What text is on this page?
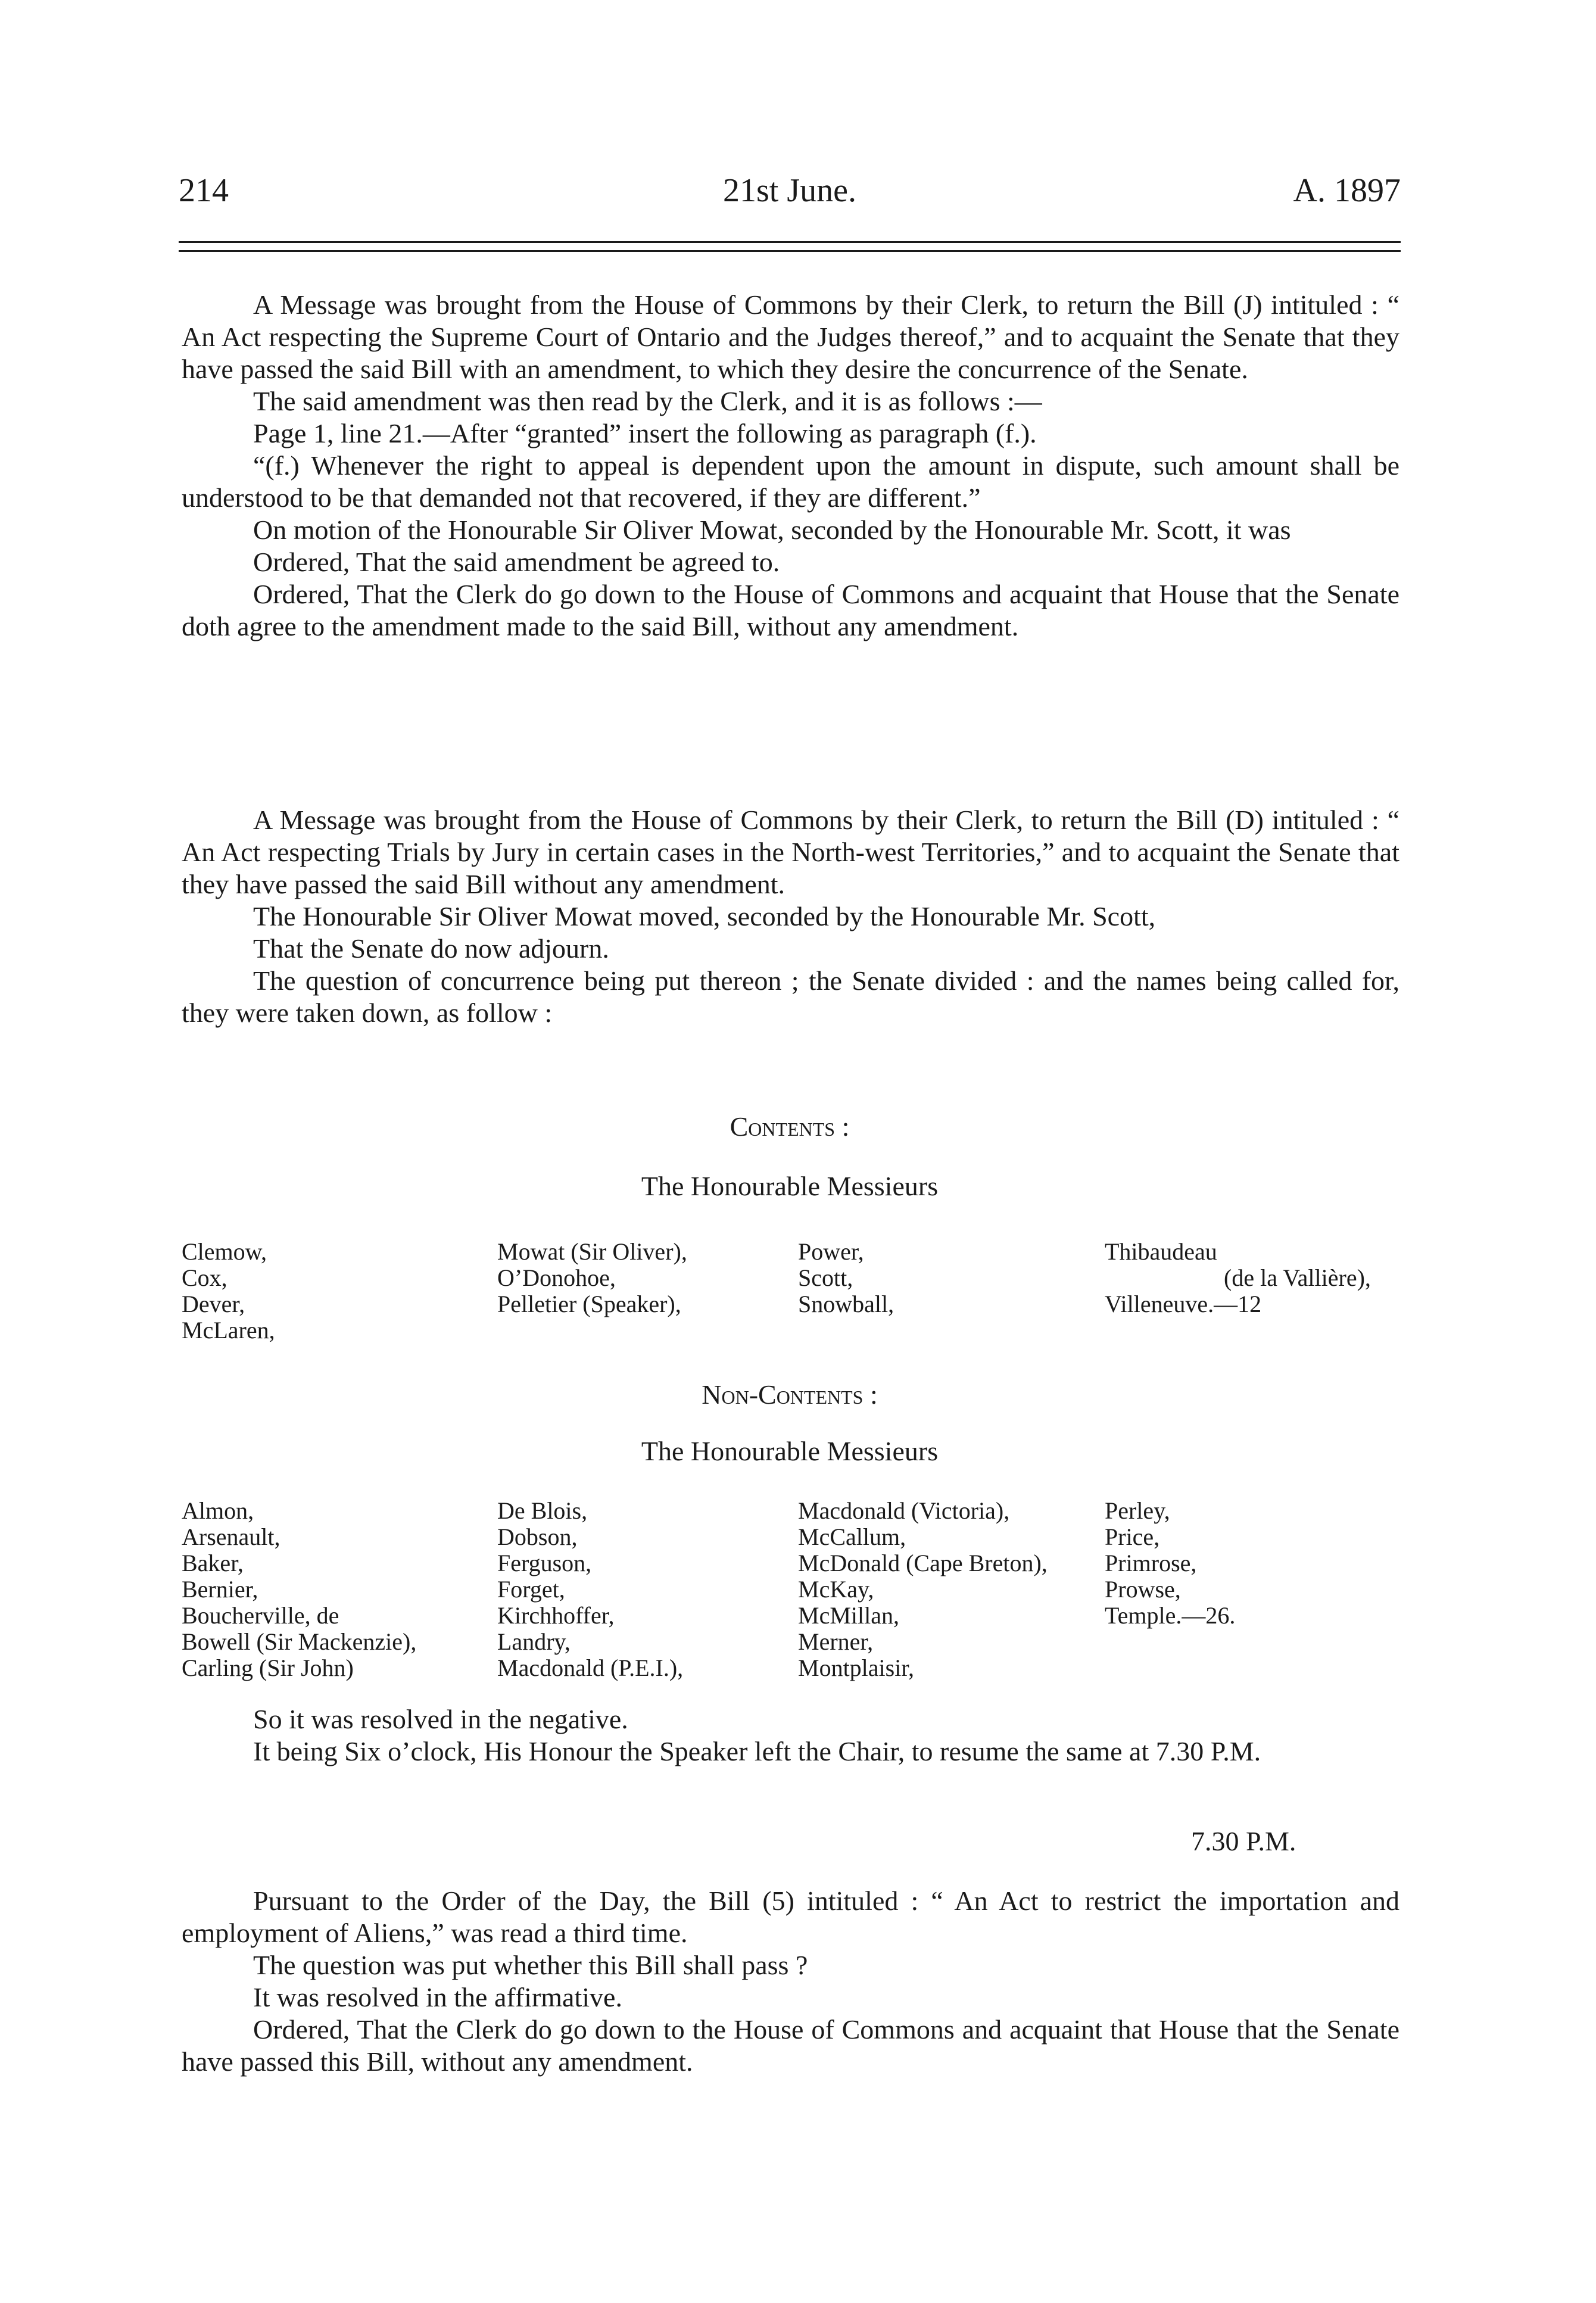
214	21st June.	A. 1897

A Message was brought from the House of Commons by their Clerk, to return the Bill (J) intituled : “ An Act respecting the Supreme Court of Ontario and the Judges thereof,” and to acquaint the Senate that they have passed the said Bill with an amendment, to which they desire the concurrence of the Senate.

The said amendment was then read by the Clerk, and it is as follows :—

Page 1, line 21.—After “granted” insert the following as paragraph (f.).

“(f.) Whenever the right to appeal is dependent upon the amount in dispute, such amount shall be understood to be that demanded not that recovered, if they are different.”

On motion of the Honourable Sir Oliver Mowat, seconded by the Honourable Mr. Scott, it was

Ordered, That the said amendment be agreed to.

Ordered, That the Clerk do go down to the House of Commons and acquaint that House that the Senate doth agree to the amendment made to the said Bill, without any amendment.

A Message was brought from the House of Commons by their Clerk, to return the Bill (D) intituled : “ An Act respecting Trials by Jury in certain cases in the North-west Territories,” and to acquaint the Senate that they have passed the said Bill without any amendment.

The Honourable Sir Oliver Mowat moved, seconded by the Honourable Mr. Scott,

That the Senate do now adjourn.

The question of concurrence being put thereon ; the Senate divided : and the names being called for, they were taken down, as follow :

Contents :
The Honourable Messieurs
Clemow,
Cox,
Dever,
McLaren,
Mowat (Sir Oliver),
O’Donohoe,
Pelletier (Speaker),
Power,
Scott,
Snowball,
Thibaudeau
(de la Vallière),
Villeneuve.—12
Non-Contents :
The Honourable Messieurs
Almon,
Arsenault,
Baker,
Bernier,
Boucherville, de
Bowell (Sir Mackenzie),
Carling (Sir John)
De Blois,
Dobson,
Ferguson,
Forget,
Kirchhoffer,
Landry,
Macdonald (P.E.I.),
Macdonald (Victoria),
McCallum,
McDonald (Cape Breton),
McKay,
McMillan,
Merner,
Montplaisir,
Perley,
Price,
Primrose,
Prowse,
Temple.—26.

So it was resolved in the negative.

It being Six o’clock, His Honour the Speaker left the Chair, to resume the same at 7.30 P.M.

7.30 P.M.

Pursuant to the Order of the Day, the Bill (5) intituled : “ An Act to restrict the importation and employment of Aliens,” was read a third time.

The question was put whether this Bill shall pass ?

It was resolved in the affirmative.

Ordered, That the Clerk do go down to the House of Commons and acquaint that House that the Senate have passed this Bill, without any amendment.
